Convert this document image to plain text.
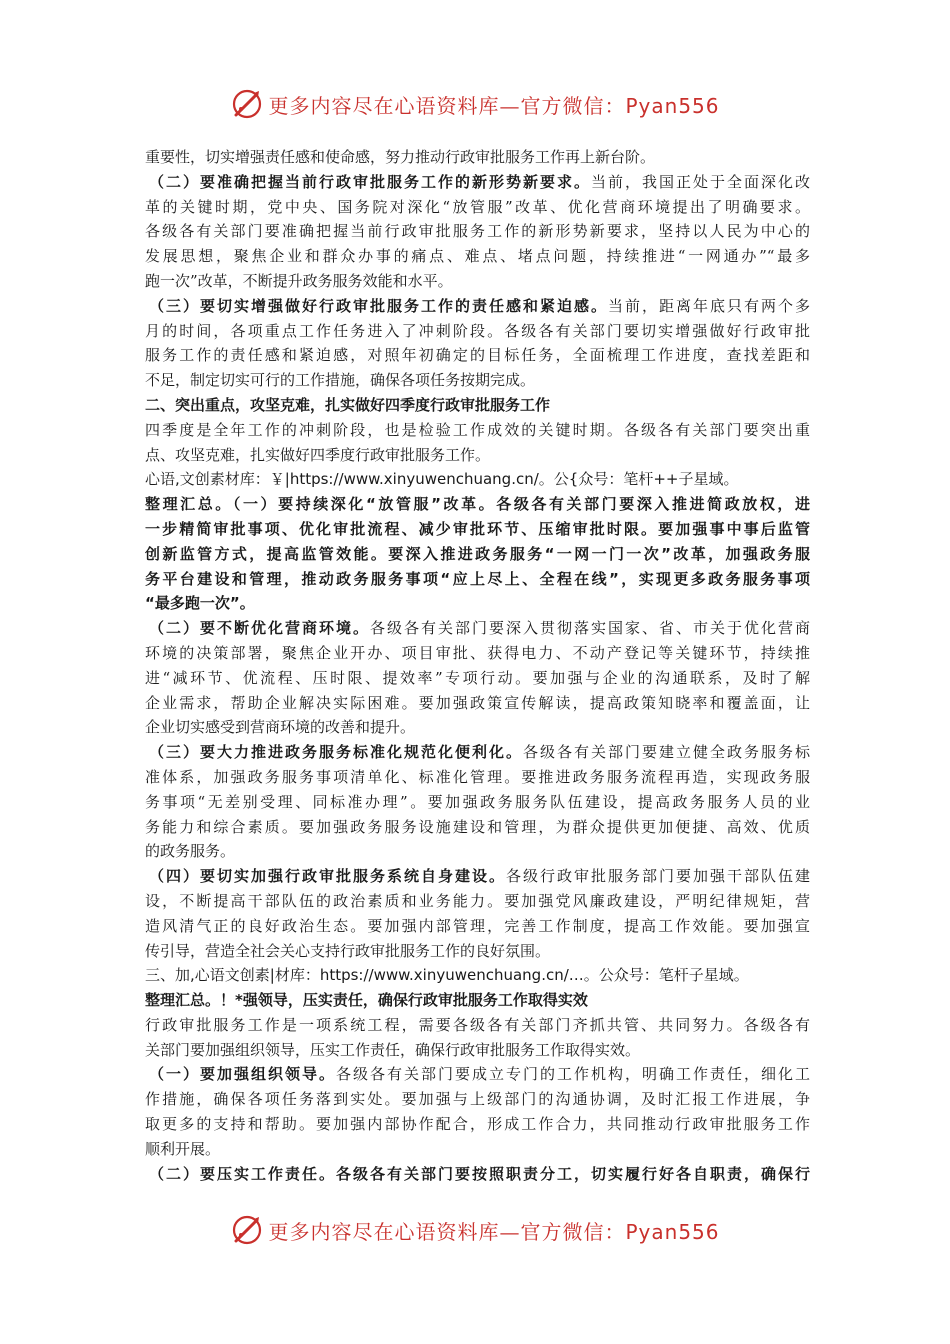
更多内容尽在心语资料库—官方微信：Pyan556
重要性，切实增强责任感和使命感，努力推动行政审批服务工作再上新台阶。
（二）要准确把握当前行政审批服务工作的新形势新要求。当前，我国正处于全面深化改
革的关键时期，党中央、国务院对深化“放管服”改革、优化营商环境提出了明确要求。
各级各有关部门要准确把握当前行政审批服务工作的新形势新要求，坚持以人民为中心的
发展思想，聚焦企业和群众办事的痛点、难点、堵点问题，持续推进“一网通办”“最多
跑一次”改革，不断提升政务服务效能和水平。
（三）要切实增强做好行政审批服务工作的责任感和紧迫感。当前，距离年底只有两个多
月的时间，各项重点工作任务进入了冲刺阶段。各级各有关部门要切实增强做好行政审批
服务工作的责任感和紧迫感，对照年初确定的目标任务，全面梳理工作进度，查找差距和
不足，制定切实可行的工作措施，确保各项任务按期完成。
二、突出重点，攻坚克难，扎实做好四季度行政审批服务工作
四季度是全年工作的冲刺阶段，也是检验工作成效的关键时期。各级各有关部门要突出重
点、攻坚克难，扎实做好四季度行政审批服务工作。
心语,文创素材库：￥|https://www.xinyuwenchuang.cn/。公{众号：笔杆++子星域。
整理汇总。（一）要持续深化“放管服”改革。各级各有关部门要深入推进简政放权，进
一步精简审批事项、优化审批流程、减少审批环节、压缩审批时限。要加强事中事后监管
创新监管方式，提高监管效能。要深入推进政务服务“一网一门一次”改革，加强政务服
务平台建设和管理，推动政务服务事项“应上尽上、全程在线”，实现更多政务服务事项
“最多跑一次”。
（二）要不断优化营商环境。各级各有关部门要深入贯彻落实国家、省、市关于优化营商
环境的决策部署，聚焦企业开办、项目审批、获得电力、不动产登记等关键环节，持续推
进“减环节、优流程、压时限、提效率”专项行动。要加强与企业的沟通联系，及时了解
企业需求，帮助企业解决实际困难。要加强政策宣传解读，提高政策知晓率和覆盖面，让
企业切实感受到营商环境的改善和提升。
（三）要大力推进政务服务标准化规范化便利化。各级各有关部门要建立健全政务服务标
准体系，加强政务服务事项清单化、标准化管理。要推进政务服务流程再造，实现政务服
务事项“无差别受理、同标准办理”。要加强政务服务队伍建设，提高政务服务人员的业
务能力和综合素质。要加强政务服务设施建设和管理，为群众提供更加便捷、高效、优质
的政务服务。
（四）要切实加强行政审批服务系统自身建设。各级行政审批服务部门要加强干部队伍建
设，不断提高干部队伍的政治素质和业务能力。要加强党风廉政建设，严明纪律规矩，营
造风清气正的良好政治生态。要加强内部管理，完善工作制度，提高工作效能。要加强宣
传引导，营造全社会关心支持行政审批服务工作的良好氛围。
三、加,心语文创素|材库：https://www.xinyuwenchuang.cn/…。公众号：笔杆子星域。
整理汇总。！*强领导，压实责任，确保行政审批服务工作取得实效
行政审批服务工作是一项系统工程，需要各级各有关部门齐抓共管、共同努力。各级各有
关部门要加强组织领导，压实工作责任，确保行政审批服务工作取得实效。
（一）要加强组织领导。各级各有关部门要成立专门的工作机构，明确工作责任，细化工
作措施，确保各项任务落到实处。要加强与上级部门的沟通协调，及时汇报工作进展，争
取更多的支持和帮助。要加强内部协作配合，形成工作合力，共同推动行政审批服务工作
顺利开展。
（二）要压实工作责任。各级各有关部门要按照职责分工，切实履行好各自职责，确保行
更多内容尽在心语资料库—官方微信：Pyan556
